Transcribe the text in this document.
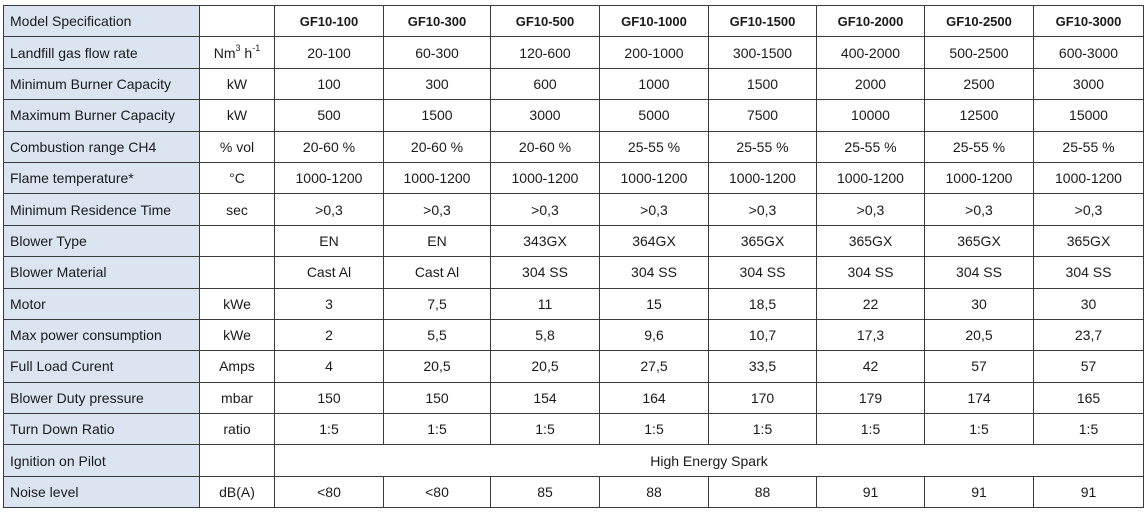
Model Specification		GF10-100	GF10-300	GF10-500	GF10-1000	GF10-1500	GF10-2000	GF10-2500	GF10-3000
Landfill gas flow rate	Nm$^3$ $h^{-1}$	20-100	60-300	120-600	200-1000	300-1500	400-2000	500-2500	600-3000
Minimum Burner Capacity	kW	100	300	600	1000	1500	2000	2500	3000
Maximum Burner Capacity	kW	500	1500	3000	5000	7500	10000	12500	15000
Combustion range CH4	% vol	20-60 %	20-60 %	20-60 %	25-55 %	25-55 %	25-55 %	25-55 %	25-55 %
Flame temperature*	°C	1000-1200	1000-1200	1000-1200	1000-1200	1000-1200	1000-1200	1000-1200	1000-1200
Minimum Residence Time	sec	>0,3	>0,3	>0,3	>0,3	>0,3	>0,3	>0,3	>0,3
Blower Type		EN	EN	343GX	364GX	365GX	365GX	365GX	365GX
Blower Material		Cast Al	Cast Al	304 SS	304 SS	304 SS	304 SS	304 SS	304 SS
Motor	kWe	3	7,5	11	15	18,5	22	30	30
Max power consumption	kWe	2	5,5	5,8	9,6	10,7	17,3	20,5	23,7
Full Load Curent	Amps	4	20,5	20,5	27,5	33,5	42	57	57
Blower Duty pressure	mbar	150	150	154	164	170	179	174	165
Turn Down Ratio	ratio	1:5	1:5	1:5	1:5	1:5	1:5	1:5	1:5
Ignition on Pilot		High Energy Spark							
Noise level	dB(A)	<80	<80	85	88	88	91	91	91
